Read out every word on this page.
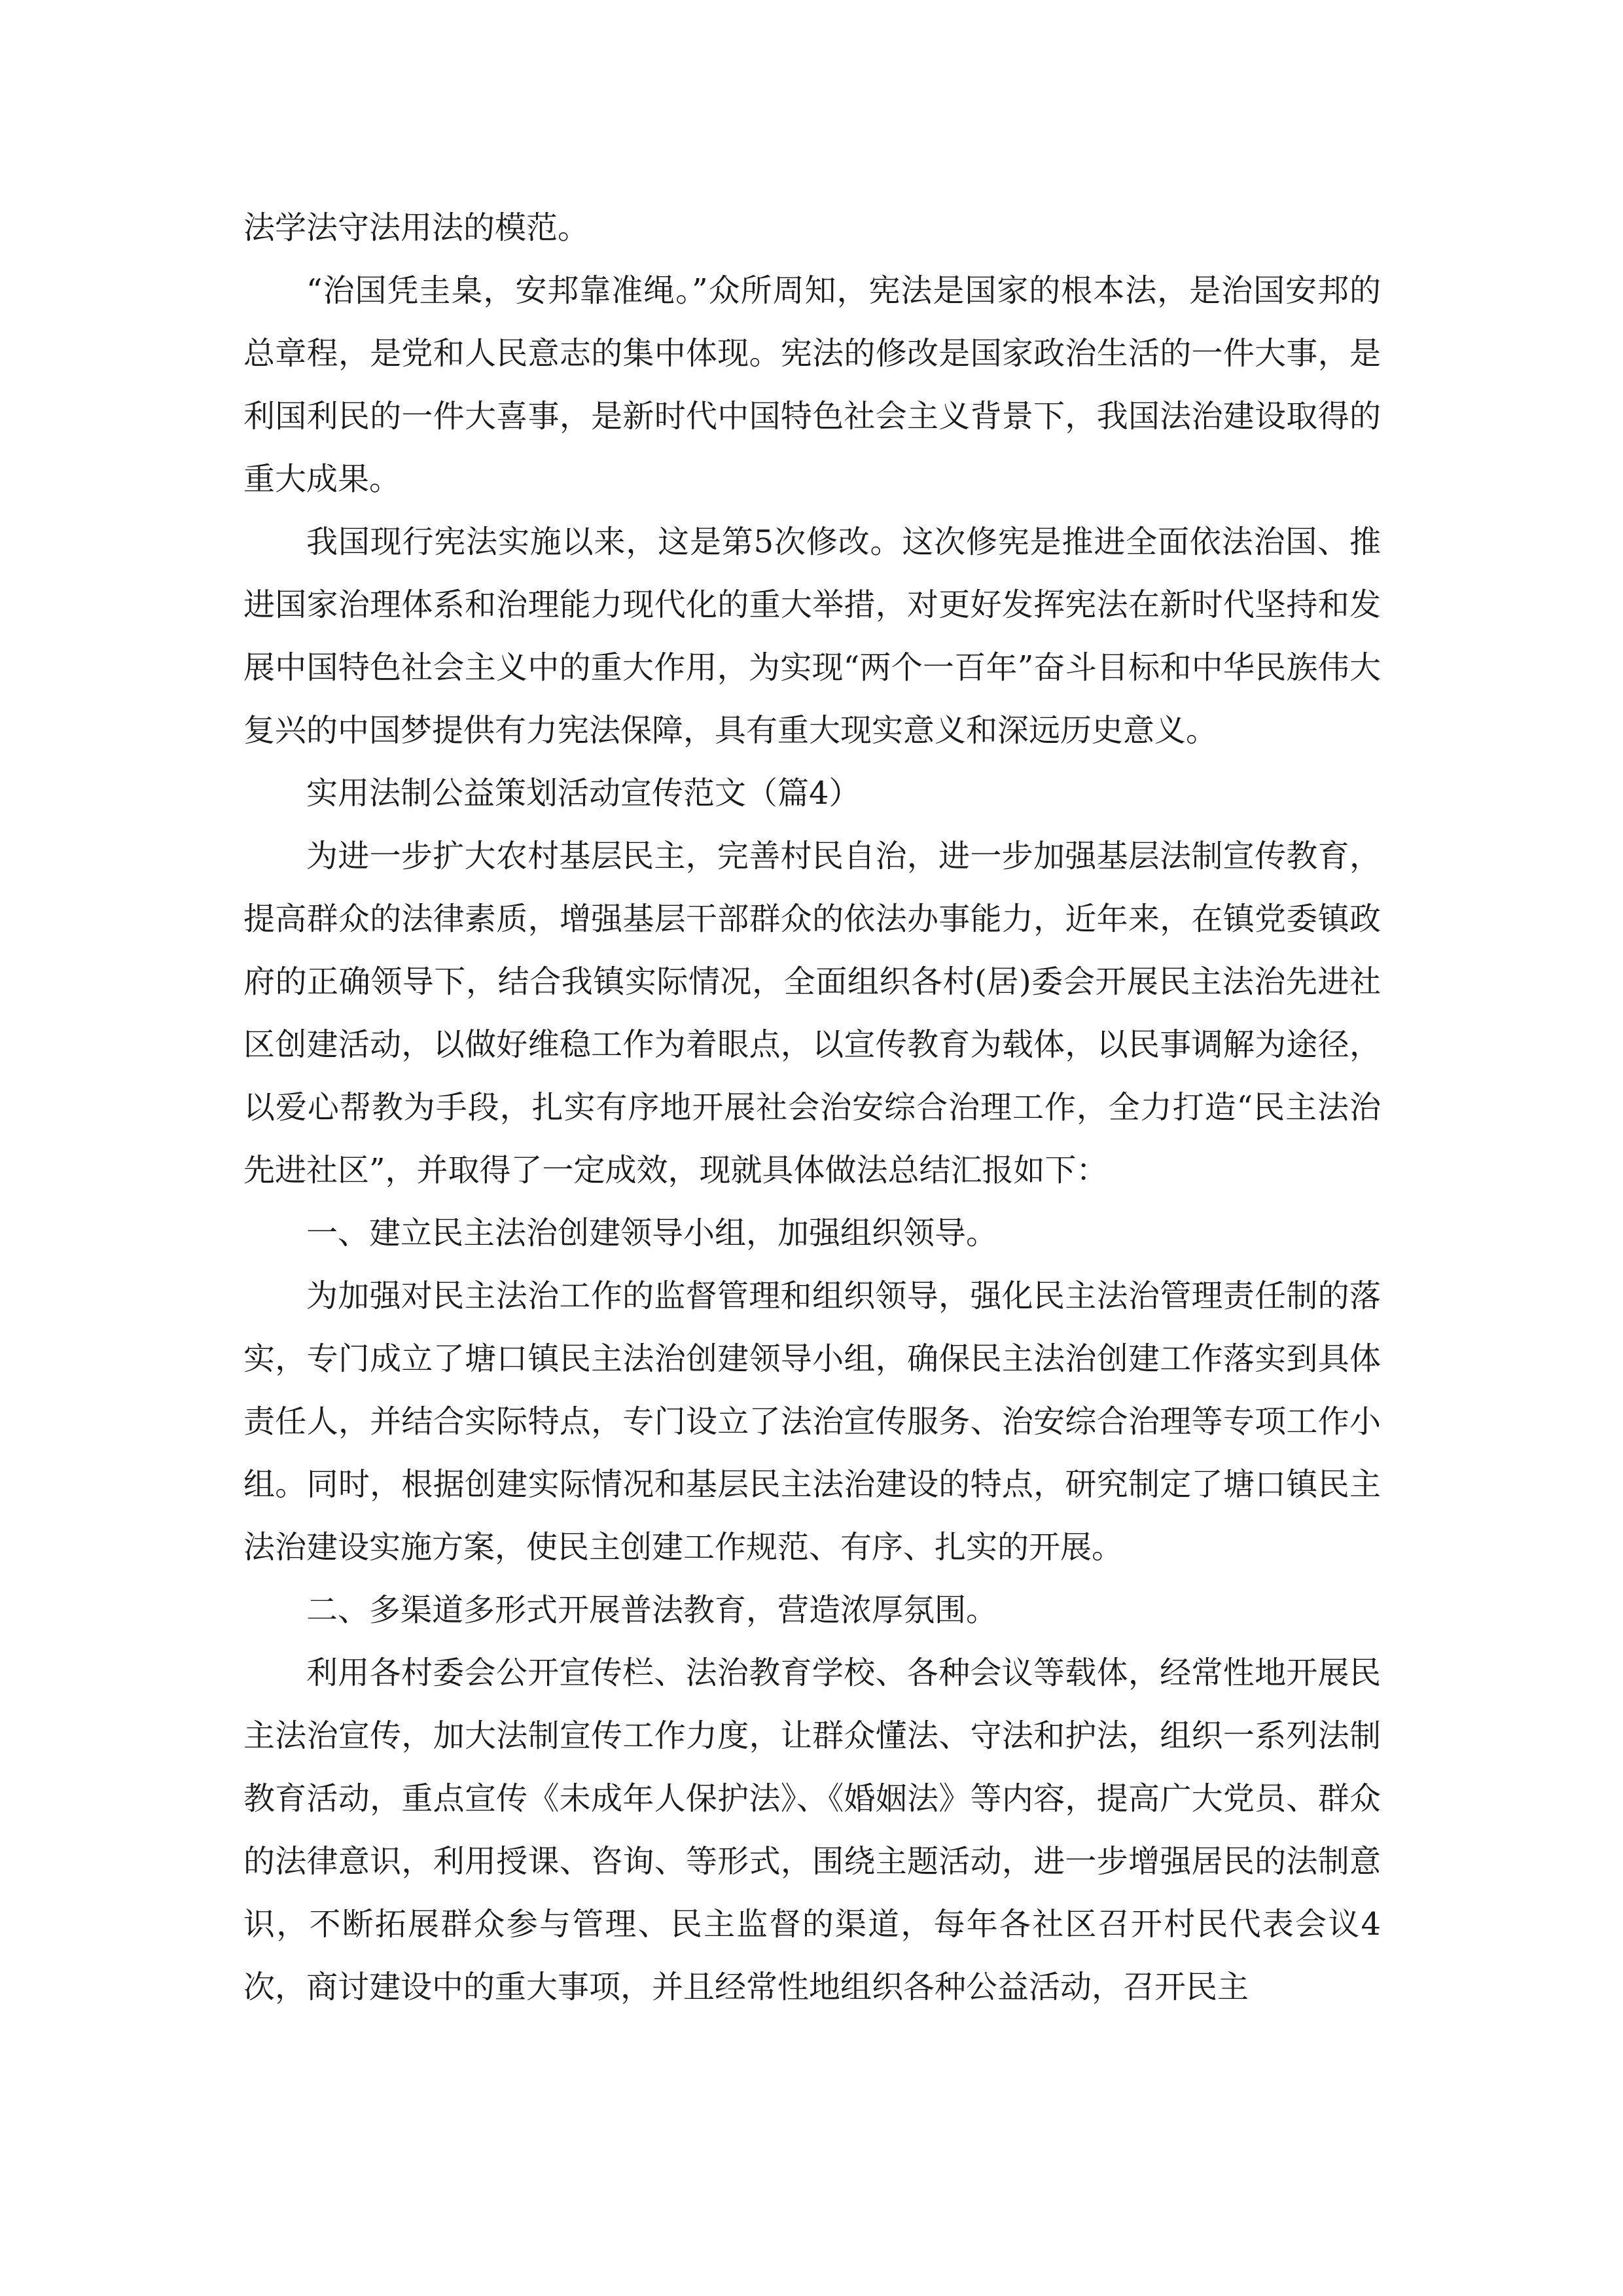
法学法守法用法的模范。

“治国凭圭臬，安邦靠准绳。”众所周知，宪法是国家的根本法，是治国安邦的总章程，是党和人民意志的集中体现。宪法的修改是国家政治生活的一件大事，是利国利民的一件大喜事，是新时代中国特色社会主义背景下，我国法治建设取得的重大成果。

我国现行宪法实施以来，这是第5次修改。这次修宪是推进全面依法治国、推进国家治理体系和治理能力现代化的重大举措，对更好发挥宪法在新时代坚持和发展中国特色社会主义中的重大作用，为实现“两个一百年”奋斗目标和中华民族伟大复兴的中国梦提供有力宪法保障，具有重大现实意义和深远历史意义。

实用法制公益策划活动宣传范文（篇4）

为进一步扩大农村基层民主，完善村民自治，进一步加强基层法制宣传教育，提高群众的法律素质，增强基层干部群众的依法办事能力，近年来，在镇党委镇政府的正确领导下，结合我镇实际情况，全面组织各村(居)委会开展民主法治先进社区创建活动，以做好维稳工作为着眼点，以宣传教育为载体，以民事调解为途径，以爱心帮教为手段，扎实有序地开展社会治安综合治理工作，全力打造“民主法治先进社区”，并取得了一定成效，现就具体做法总结汇报如下：

一、建立民主法治创建领导小组，加强组织领导。

为加强对民主法治工作的监督管理和组织领导，强化民主法治管理责任制的落实，专门成立了塘口镇民主法治创建领导小组，确保民主法治创建工作落实到具体责任人，并结合实际特点，专门设立了法治宣传服务、治安综合治理等专项工作小组。同时，根据创建实际情况和基层民主法治建设的特点，研究制定了塘口镇民主法治建设实施方案，使民主创建工作规范、有序、扎实的开展。

二、多渠道多形式开展普法教育，营造浓厚氛围。

利用各村委会公开宣传栏、法治教育学校、各种会议等载体，经常性地开展民主法治宣传，加大法制宣传工作力度，让群众懂法、守法和护法，组织一系列法制教育活动，重点宣传《未成年人保护法》、《婚姻法》等内容，提高广大党员、群众的法律意识，利用授课、咨询、等形式，围绕主题活动，进一步增强居民的法制意识，不断拓展群众参与管理、民主监督的渠道，每年各社区召开村民代表会议4次，商讨建设中的重大事项，并且经常性地组织各种公益活动，召开民主
